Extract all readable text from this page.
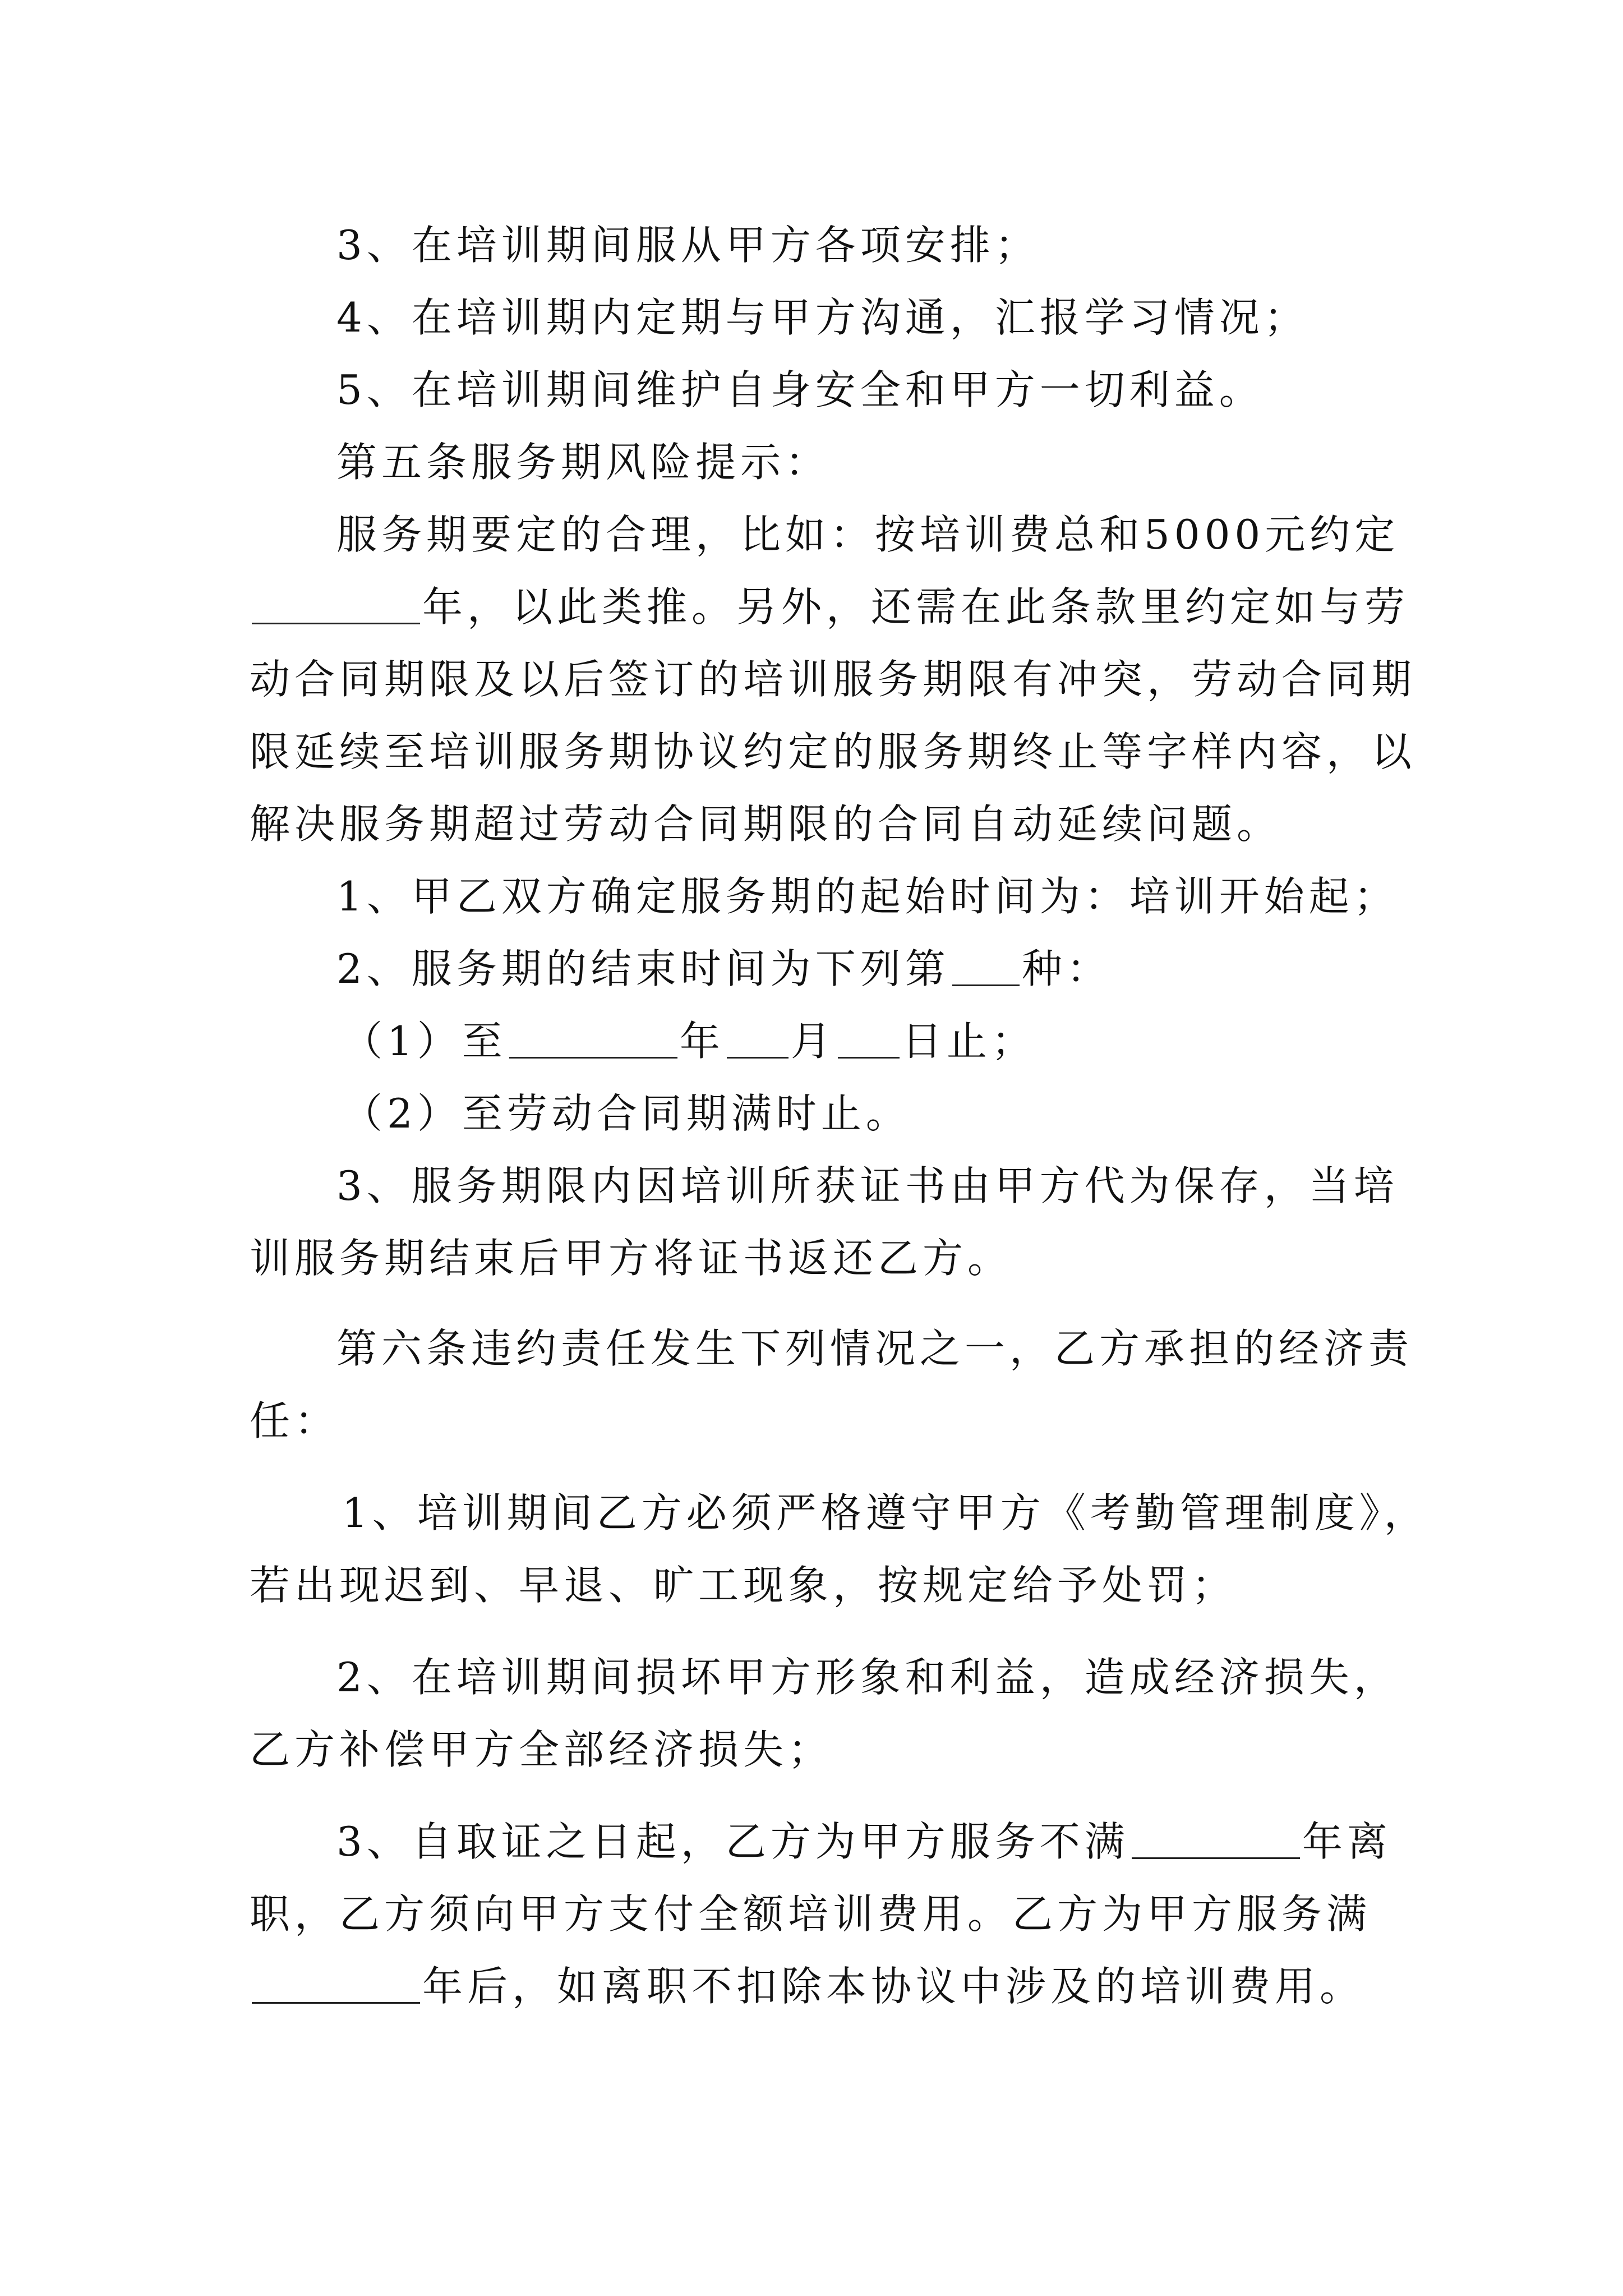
3、在培训期间服从甲方各项安排；
4、在培训期内定期与甲方沟通，汇报学习情况；
5、在培训期间维护自身安全和甲方一切利益。
第五条服务期风险提示：
服务期要定的合理，比如：按培训费总和5000元约定
年，以此类推。另外，还需在此条款里约定如与劳
动合同期限及以后签订的培训服务期限有冲突，劳动合同期
限延续至培训服务期协议约定的服务期终止等字样内容，以
解决服务期超过劳动合同期限的合同自动延续问题。
1、甲乙双方确定服务期的起始时间为：培训开始起；
2、服务期的结束时间为下列第 种：
（1）至	年 月 日止；
（2）至劳动合同期满时止。
3、服务期限内因培训所获证书由甲方代为保存，当培
训服务期结束后甲方将证书返还乙方。
第六条违约责任发生下列情况之一，乙方承担的经济责
任：
1、培训期间乙方必须严格遵守甲方《考勤管理制度》，
若出现迟到、早退、旷工现象，按规定给予处罚；
2、在培训期间损坏甲方形象和利益，造成经济损失，
乙方补偿甲方全部经济损失；
3、自取证之日起，乙方为甲方服务不满	年离
职，乙方须向甲方支付全额培训费用。乙方为甲方服务满
年后，如离职不扣除本协议中涉及的培训费用。
